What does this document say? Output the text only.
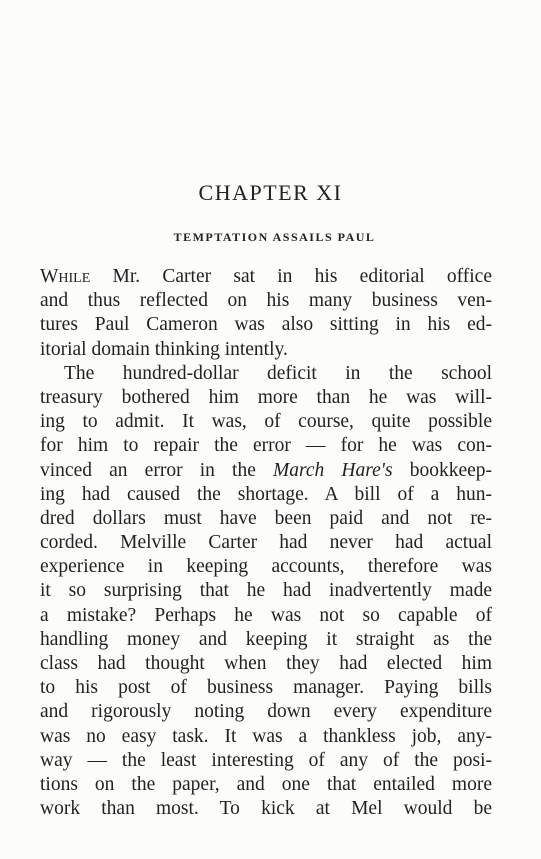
CHAPTER XI
TEMPTATION ASSAILS PAUL
While Mr. Carter sat in his editorial office
and thus reflected on his many business ven-
tures Paul Cameron was also sitting in his ed-
itorial domain thinking intently.
The hundred-dollar deficit in the school
treasury bothered him more than he was will-
ing to admit. It was, of course, quite possible
for him to repair the error — for he was con-
vinced an error in the March Hare's bookkeep-
ing had caused the shortage. A bill of a hun-
dred dollars must have been paid and not re-
corded. Melville Carter had never had actual
experience in keeping accounts, therefore was
it so surprising that he had inadvertently made
a mistake? Perhaps he was not so capable of
handling money and keeping it straight as the
class had thought when they had elected him
to his post of business manager. Paying bills
and rigorously noting down every expenditure
was no easy task. It was a thankless job, any-
way — the least interesting of any of the posi-
tions on the paper, and one that entailed more
work than most. To kick at Mel would be
